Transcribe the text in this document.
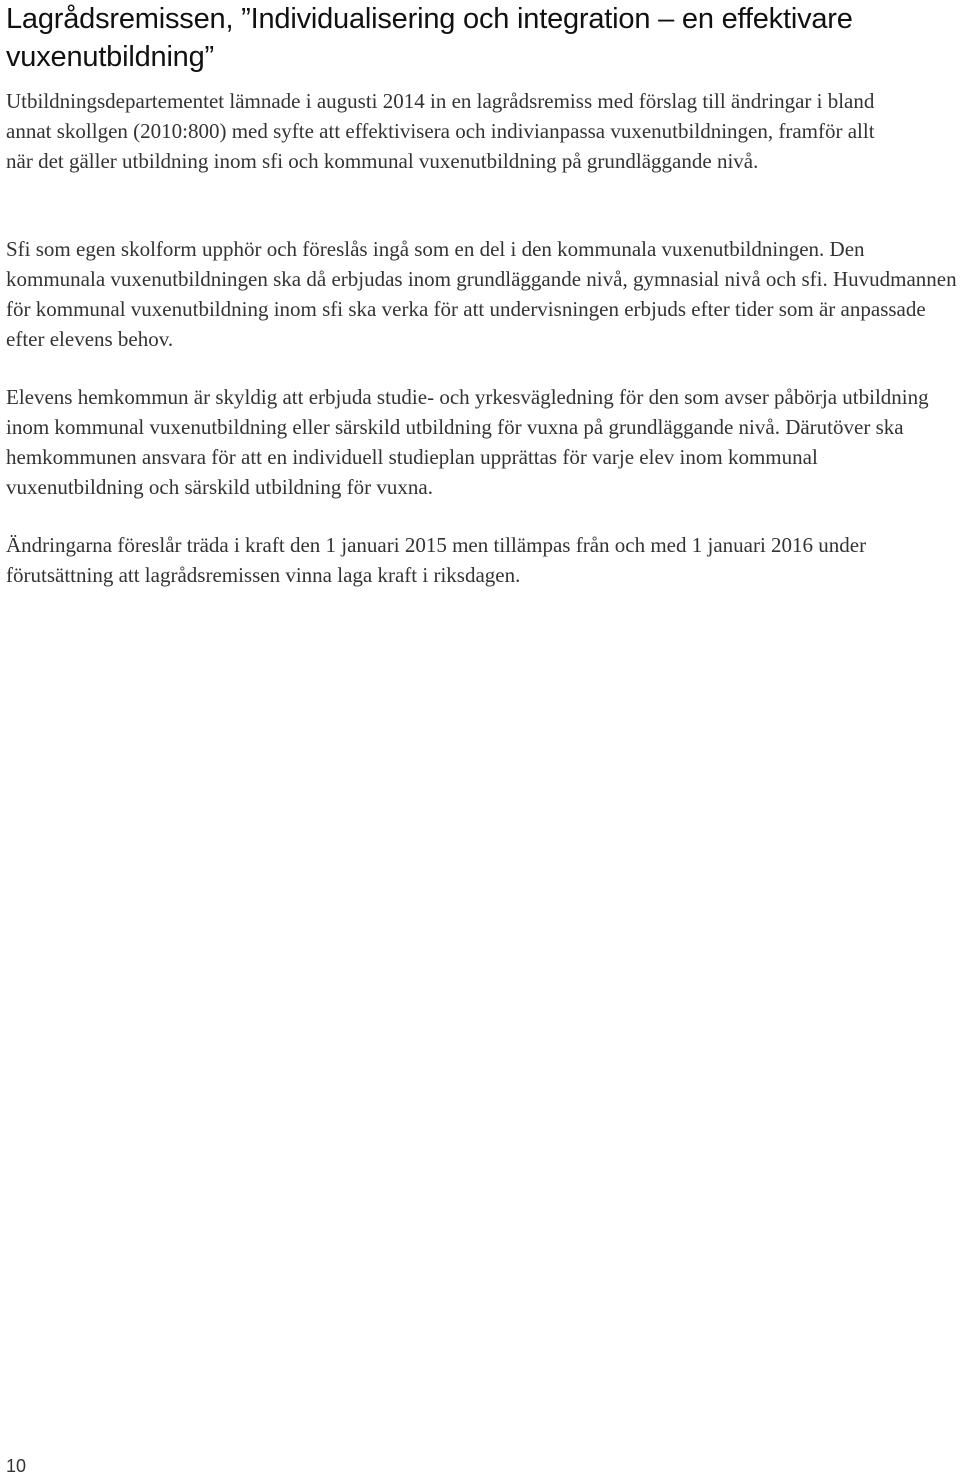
Lagrådsremissen, ”Individualisering och integration – en effektivare vuxenutbildning”

Utbildningsdepartementet lämnade i augusti 2014 in en lagrådsremiss med förslag till ändringar i bland annat skollgen (2010:800) med syfte att effektivisera och indivianpassa vuxenutbildningen, framför allt när det gäller utbildning inom sfi och kommunal vuxenutbildning på grundläggande nivå.

Sfi som egen skolform upphör och föreslås ingå som en del i den kommunala vuxenutbildningen. Den kommunala vuxenutbildningen ska då erbjudas inom grundläggande nivå, gymnasial nivå och sfi. Huvudmannen för kommunal vuxenutbildning inom sfi ska verka för att undervisningen erbjuds efter tider som är anpassade efter elevens behov.

Elevens hemkommun är skyldig att erbjuda studie- och yrkesvägledning för den som avser påbörja utbildning inom kommunal vuxenutbildning eller särskild utbildning för vuxna på grundläggande nivå. Därutöver ska hemkommunen ansvara för att en individuell studieplan upprättas för varje elev inom kommunal vuxenutbildning och särskild utbildning för vuxna.

Ändringarna föreslår träda i kraft den 1 januari 2015 men tillämpas från och med 1 januari 2016 under förutsättning att lagrådsremissen vinna laga kraft i riksdagen.

10
